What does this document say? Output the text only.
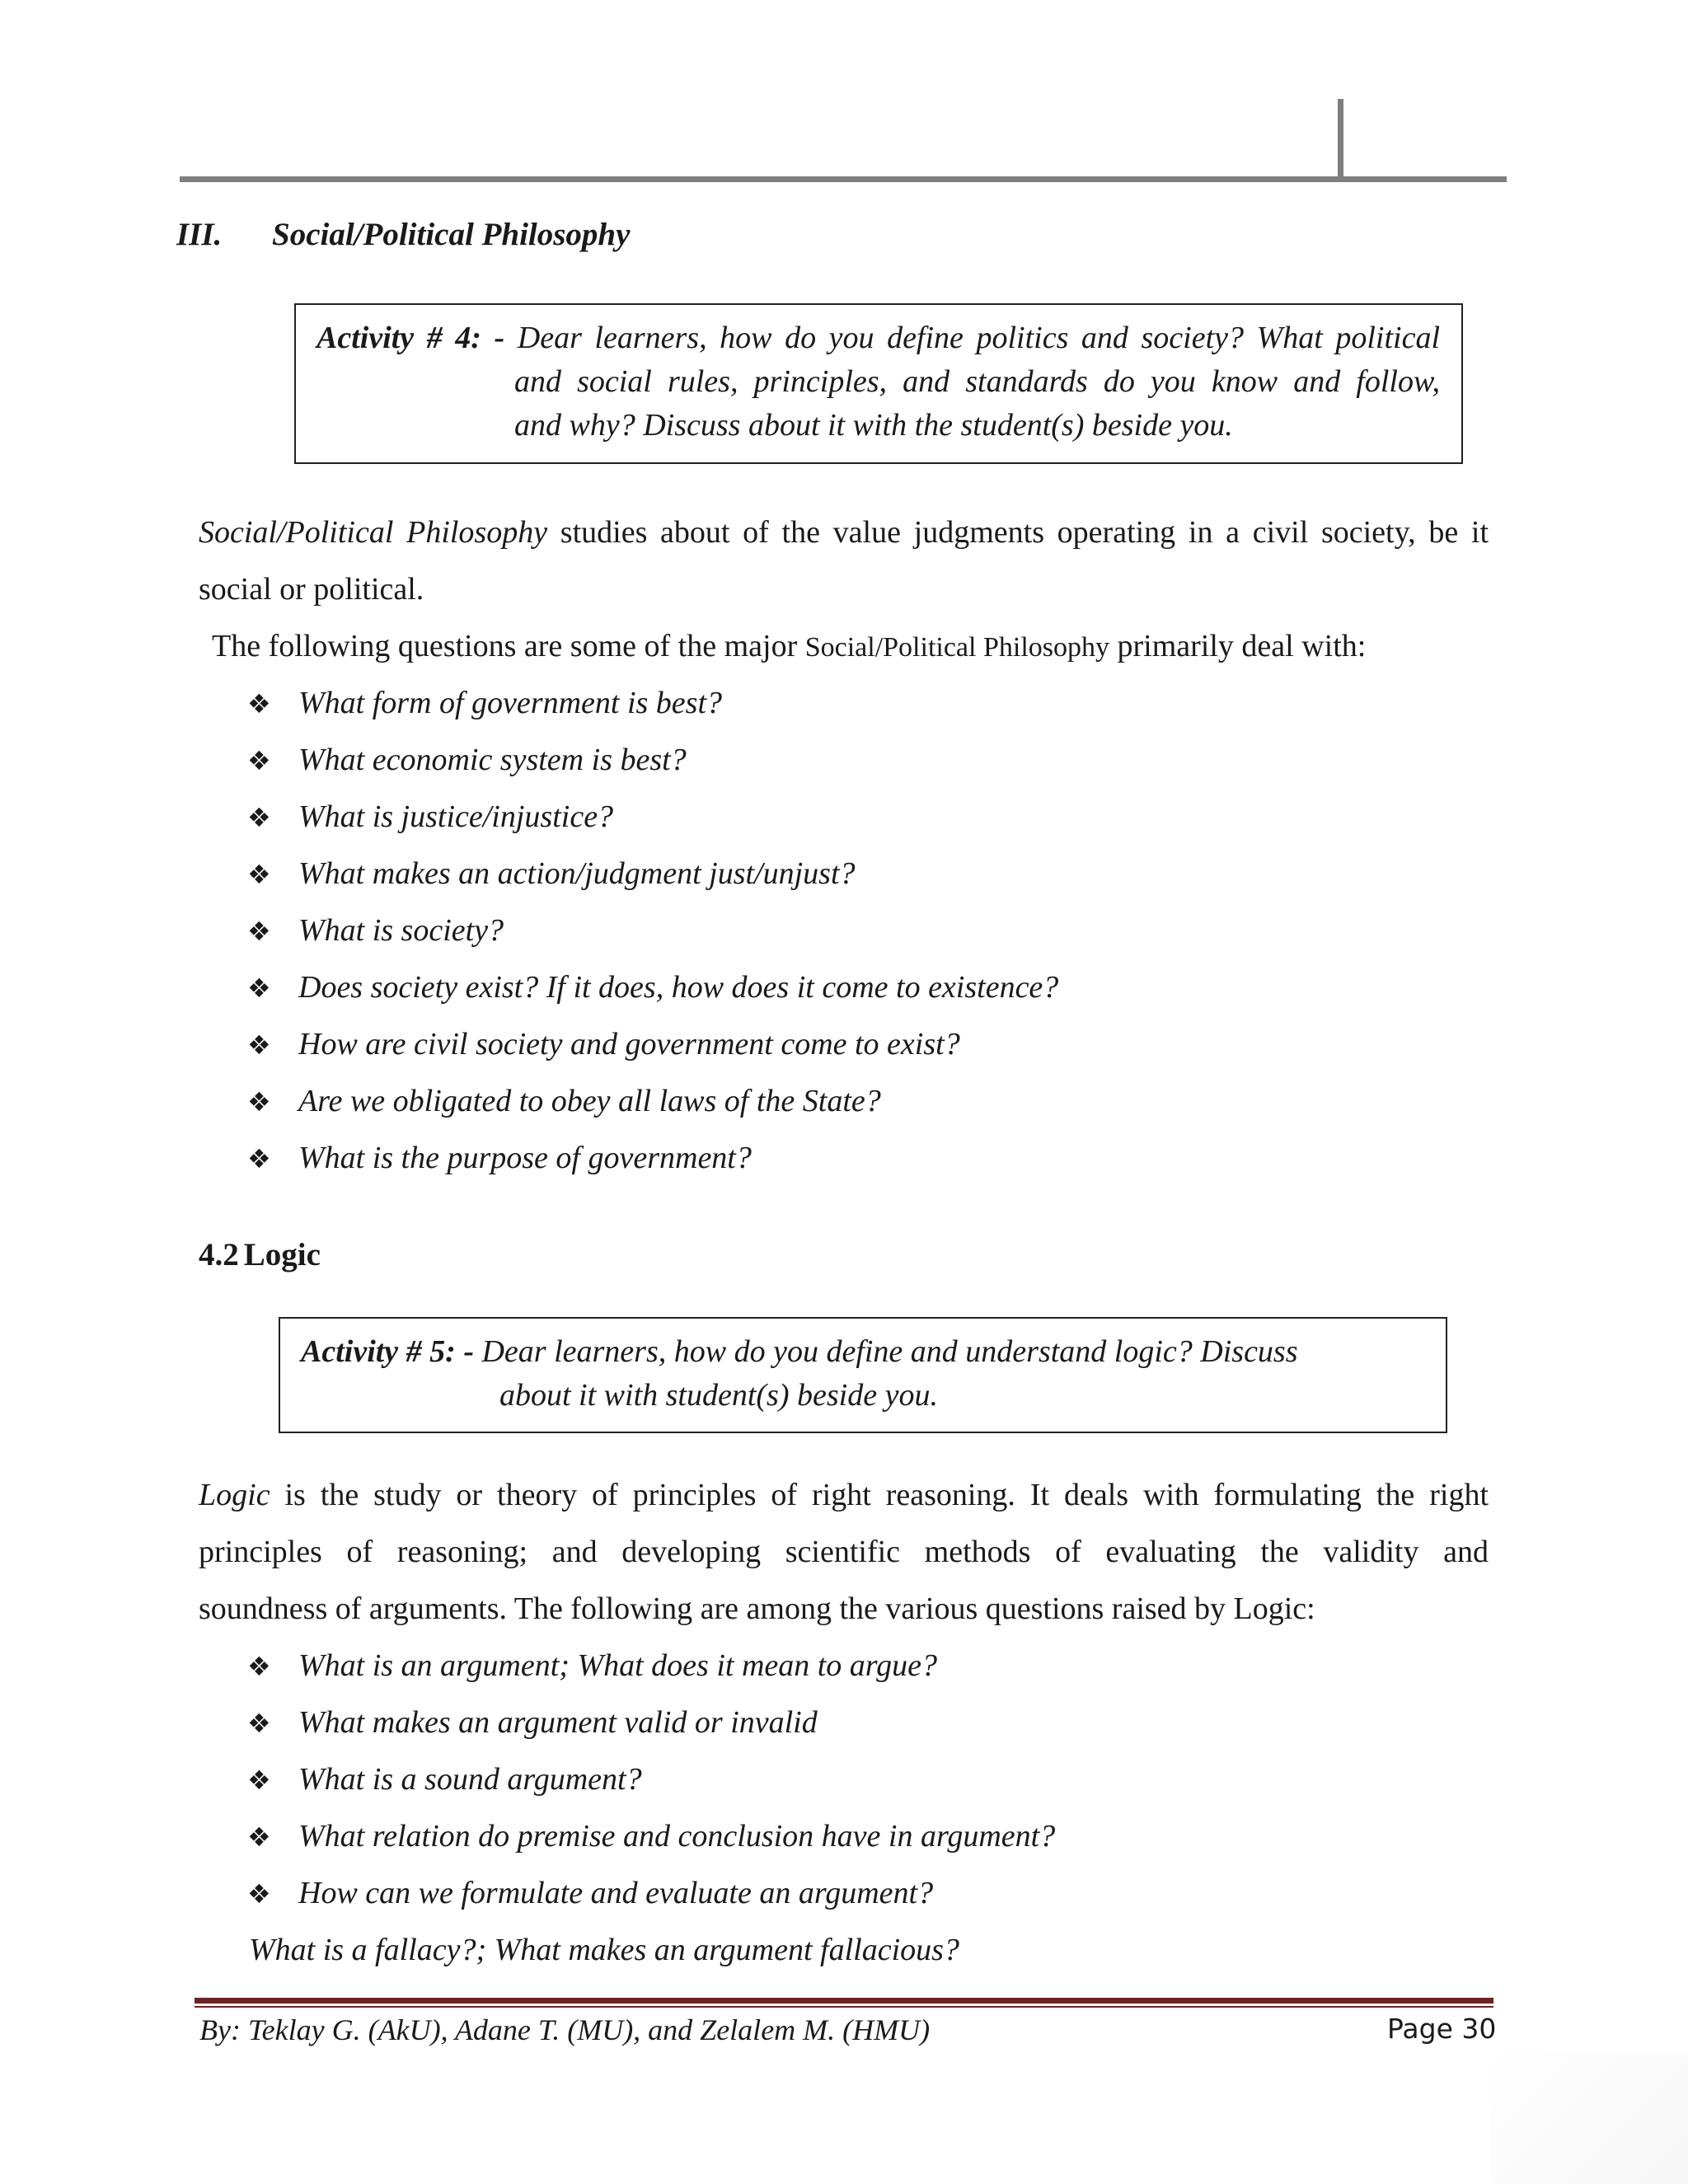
III. Social/Political Philosophy
Activity # 4: - Dear learners, how do you define politics and society? What political
and social rules, principles, and standards do you know and follow,
and why? Discuss about it with the student(s) beside you.
Social/Political Philosophy studies about of the value judgments operating in a civil society, be it
social or political.
The following questions are some of the major Social/Political Philosophy primarily deal with:
❖ What form of government is best?
❖ What economic system is best?
❖ What is justice/injustice?
❖ What makes an action/judgment just/unjust?
❖ What is society?
❖ Does society exist? If it does, how does it come to existence?
❖ How are civil society and government come to exist?
❖ Are we obligated to obey all laws of the State?
❖ What is the purpose of government?
4.2 Logic
Activity # 5: - Dear learners, how do you define and understand logic? Discuss
about it with student(s) beside you.
Logic is the study or theory of principles of right reasoning. It deals with formulating the right
principles of reasoning; and developing scientific methods of evaluating the validity and
soundness of arguments. The following are among the various questions raised by Logic:
❖ What is an argument; What does it mean to argue?
❖ What makes an argument valid or invalid
❖ What is a sound argument?
❖ What relation do premise and conclusion have in argument?
❖ How can we formulate and evaluate an argument?
What is a fallacy?; What makes an argument fallacious?
By: Teklay G. (AkU), Adane T. (MU), and Zelalem M. (HMU)	Page 30
